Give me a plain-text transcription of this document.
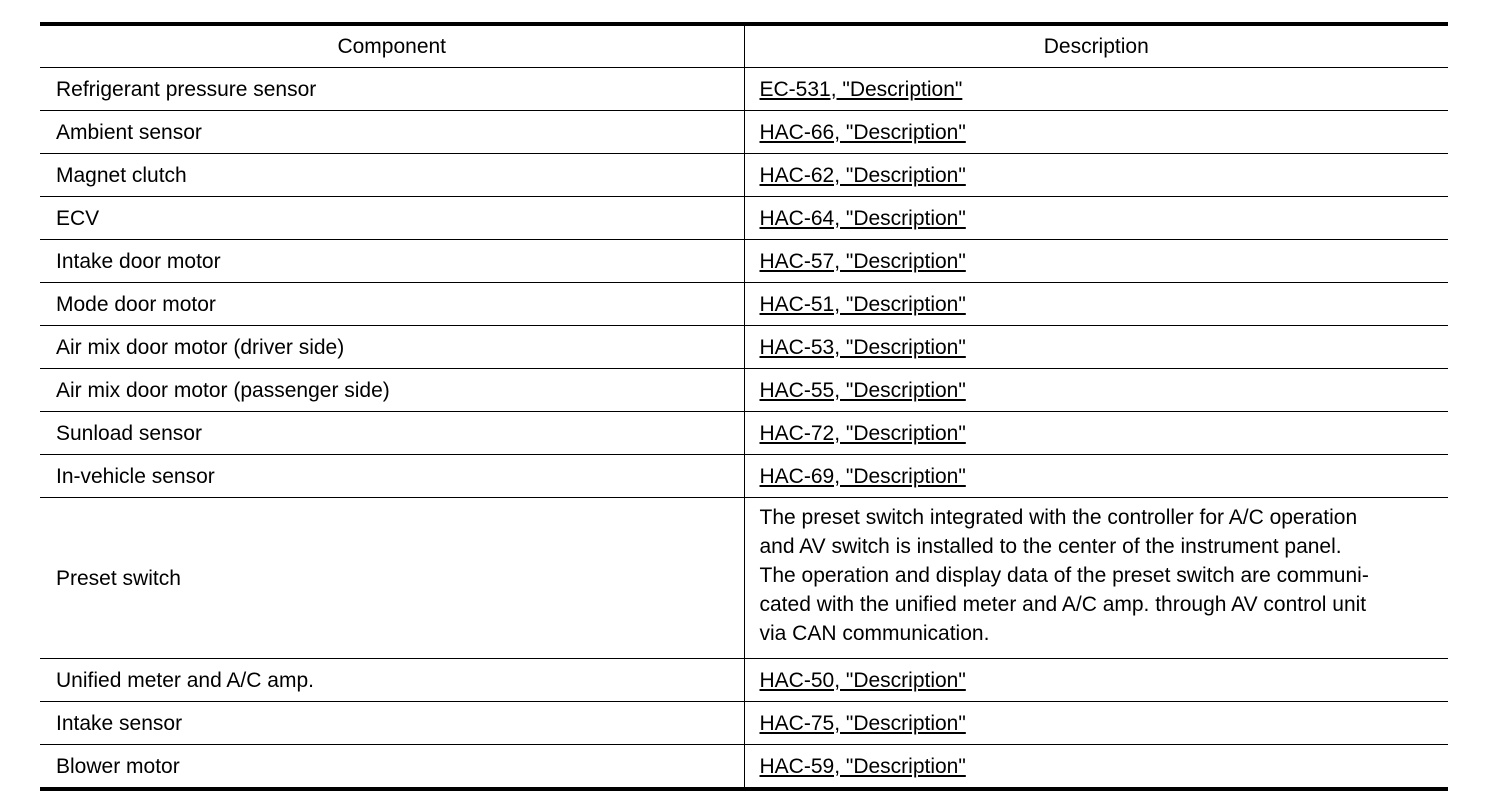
Component	Description
Refrigerant pressure sensor	EC-531, "Description"
Ambient sensor	HAC-66, "Description"
Magnet clutch	HAC-62, "Description"
ECV	HAC-64, "Description"
Intake door motor	HAC-57, "Description"
Mode door motor	HAC-51, "Description"
Air mix door motor (driver side)	HAC-53, "Description"
Air mix door motor (passenger side)	HAC-55, "Description"
Sunload sensor	HAC-72, "Description"
In-vehicle sensor	HAC-69, "Description"
Preset switch	The preset switch integrated with the controller for A/C operation
and AV switch is installed to the center of the instrument panel.
The operation and display data of the preset switch are communi-
cated with the unified meter and A/C amp. through AV control unit
via CAN communication.

Unified meter and A/C amp.	HAC-50, "Description"
Intake sensor	HAC-75, "Description"
Blower motor	HAC-59, "Description"
